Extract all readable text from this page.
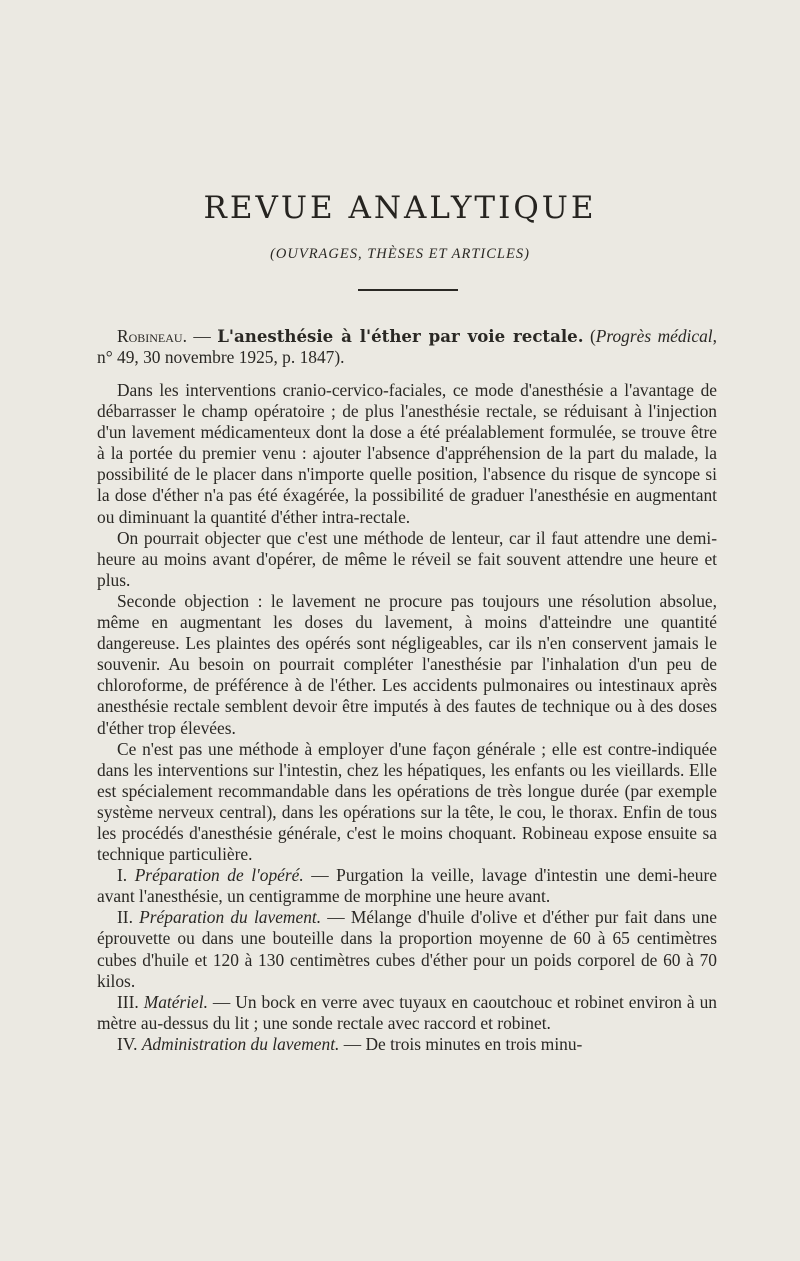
REVUE ANALYTIQUE
(OUVRAGES, THÈSES ET ARTICLES)
Robineau. — L'anesthésie à l'éther par voie rectale. (Progrès médical, n° 49, 30 novembre 1925, p. 1847).

Dans les interventions cranio-cervico-faciales, ce mode d'anesthésie a l'avantage de débarrasser le champ opératoire ; de plus l'anesthésie rectale, se réduisant à l'injection d'un lavement médicamenteux dont la dose a été préalablement formulée, se trouve être à la portée du premier venu : ajouter l'absence d'appréhension de la part du malade, la possibilité de le placer dans n'importe quelle position, l'absence du risque de syncope si la dose d'éther n'a pas été éxagérée, la possibilité de graduer l'anesthésie en augmentant ou diminuant la quantité d'éther intra-rectale.

On pourrait objecter que c'est une méthode de lenteur, car il faut attendre une demi-heure au moins avant d'opérer, de même le réveil se fait souvent attendre une heure et plus.

Seconde objection : le lavement ne procure pas toujours une résolution absolue, même en augmentant les doses du lavement, à moins d'atteindre une quantité dangereuse. Les plaintes des opérés sont négligeables, car ils n'en conservent jamais le souvenir. Au besoin on pourrait compléter l'anesthésie par l'inhalation d'un peu de chloroforme, de préférence à de l'éther. Les accidents pulmonaires ou intestinaux après anesthésie rectale semblent devoir être imputés à des fautes de technique ou à des doses d'éther trop élevées.

Ce n'est pas une méthode à employer d'une façon générale ; elle est contre-indiquée dans les interventions sur l'intestin, chez les hépatiques, les enfants ou les vieillards. Elle est spécialement recommandable dans les opérations de très longue durée (par exemple système nerveux central), dans les opérations sur la tête, le cou, le thorax. Enfin de tous les procédés d'anesthésie générale, c'est le moins choquant. Robineau expose ensuite sa technique particulière.

I. Préparation de l'opéré. — Purgation la veille, lavage d'intestin une demi-heure avant l'anesthésie, un centigramme de morphine une heure avant.

II. Préparation du lavement. — Mélange d'huile d'olive et d'éther pur fait dans une éprouvette ou dans une bouteille dans la proportion moyenne de 60 à 65 centimètres cubes d'huile et 120 à 130 centimètres cubes d'éther pour un poids corporel de 60 à 70 kilos.

III. Matériel. — Un bock en verre avec tuyaux en caoutchouc et robinet environ à un mètre au-dessus du lit ; une sonde rectale avec raccord et robinet.

IV. Administration du lavement. — De trois minutes en trois minu-
